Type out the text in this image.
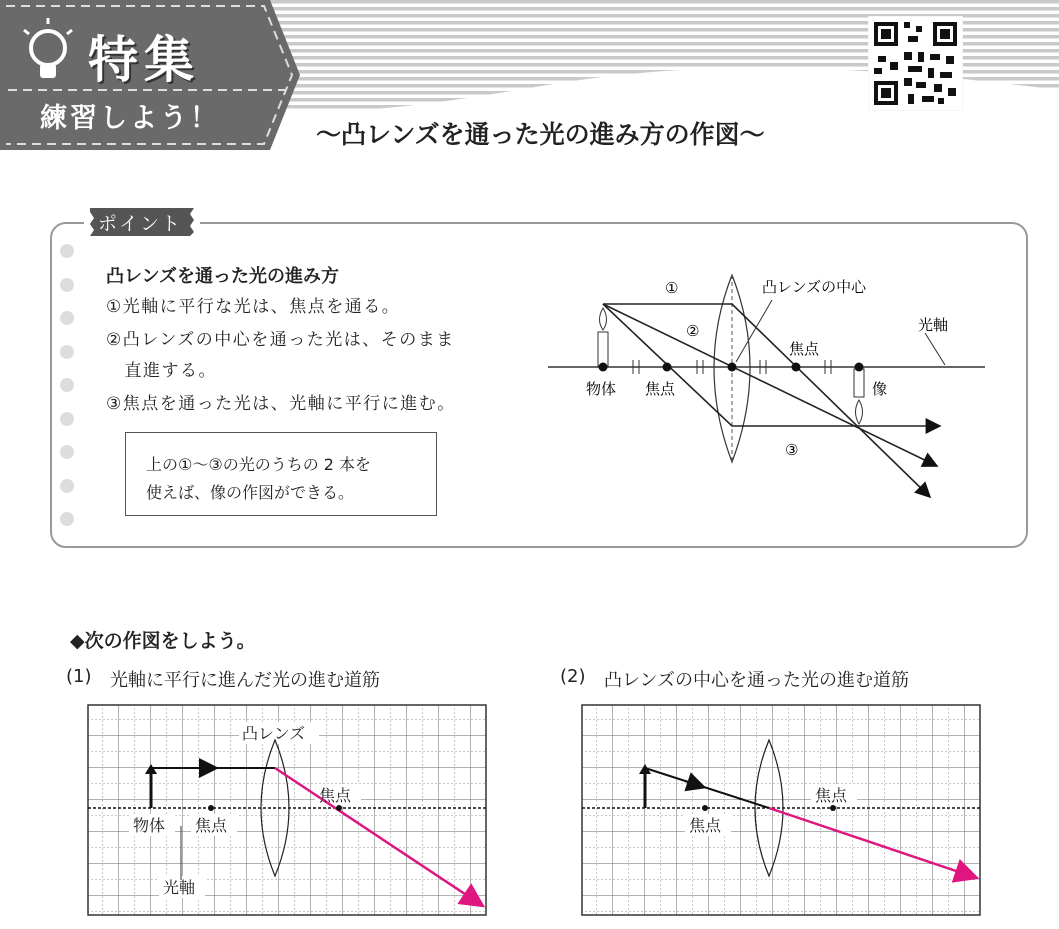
特集
練習しよう！
〜凸レンズを通った光の進み方の作図〜
ポイント
凸レンズを通った光の進み方
①光軸に平行な光は、焦点を通る。
②凸レンズの中心を通った光は、そのまま
　直進する。
③焦点を通った光は、光軸に平行に進む。
上の①〜③の光のうちの 2 本を
使えば、像の作図ができる。
①
②
③
凸レンズの中心
光軸
焦点
焦点
物体	像
◆次の作図をしよう。
(1) 光軸に平行に進んだ光の進む道筋	(2) 凸レンズの中心を通った光の進む道筋
凸レンズ
焦点
物体 焦点
光軸
焦点
焦点
